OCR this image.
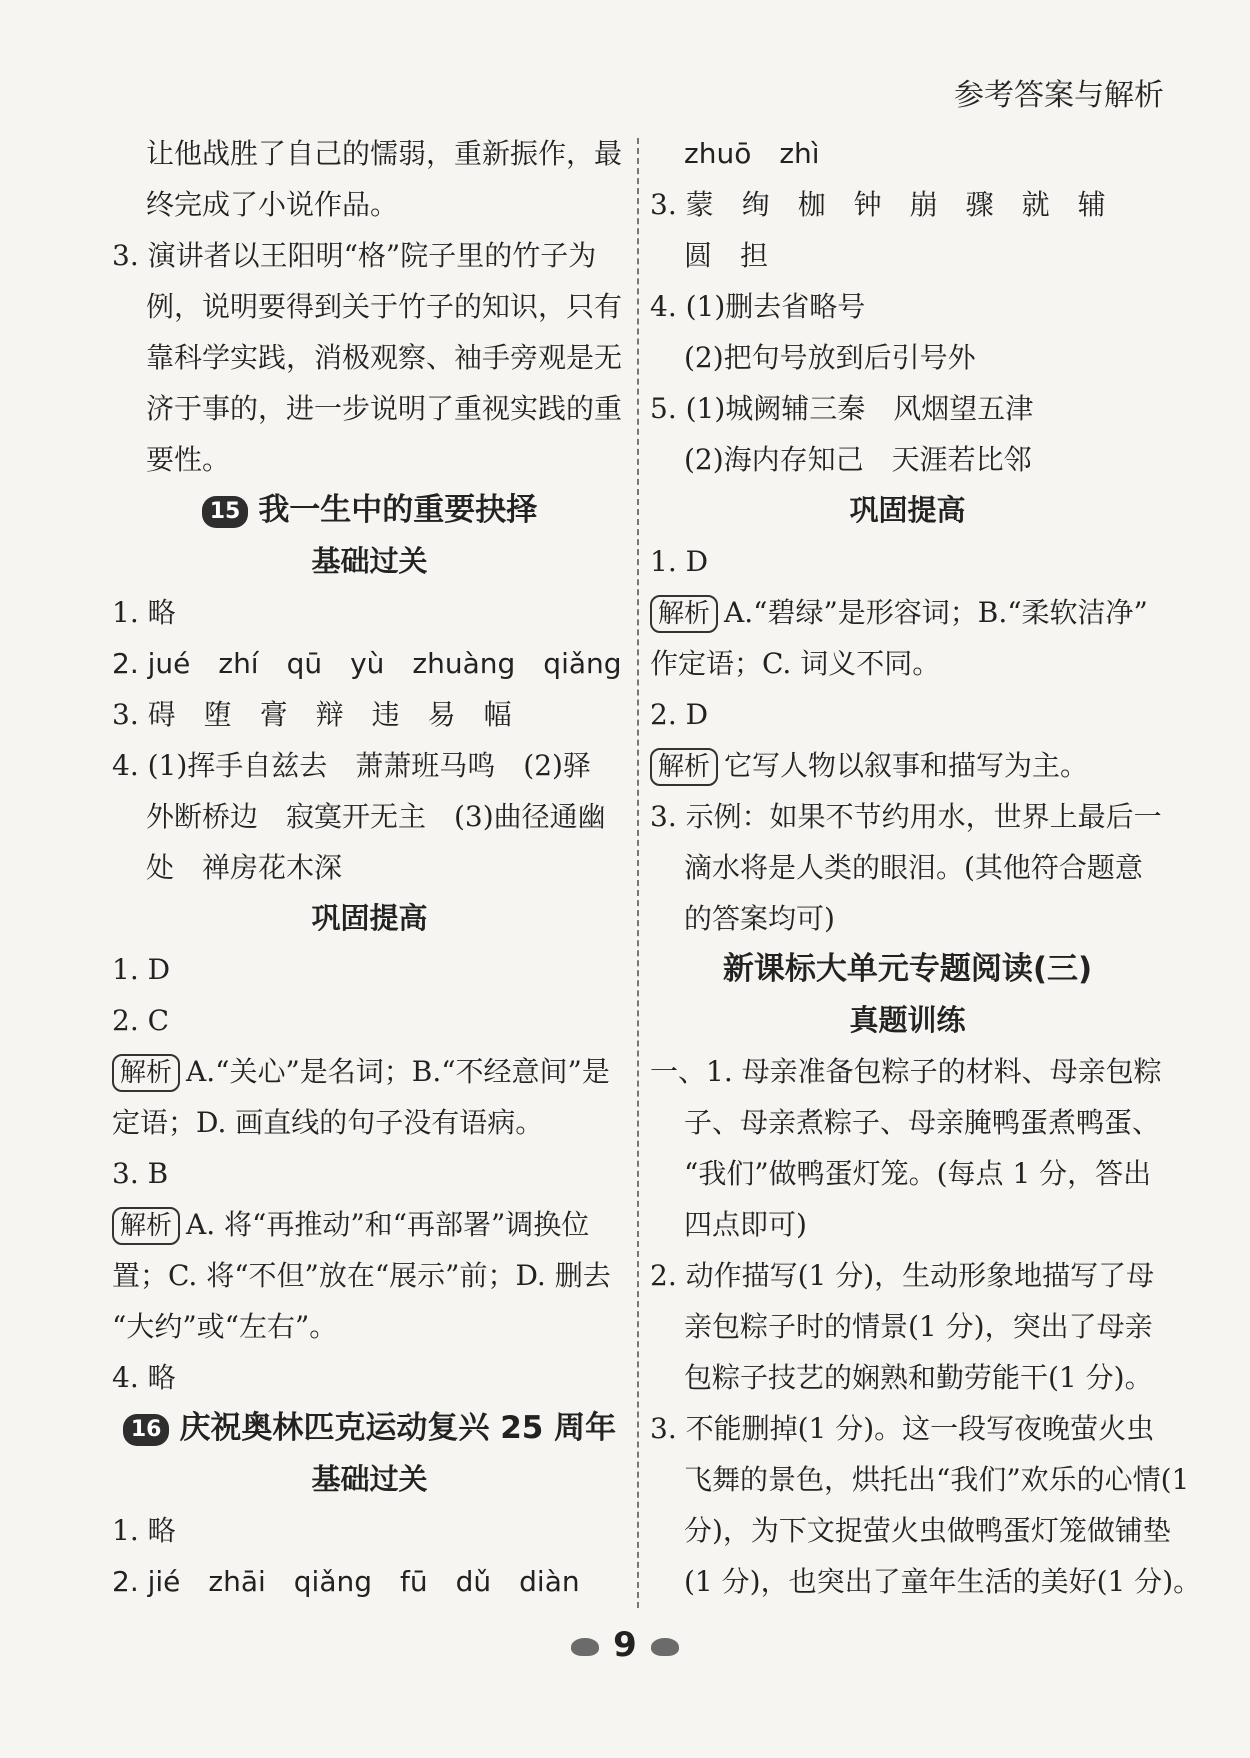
参考答案与解析
让他战胜了自己的懦弱，重新振作，最
终完成了小说作品。
3. 演讲者以王阳明“格”院子里的竹子为
例，说明要得到关于竹子的知识，只有
靠科学实践，消极观察、袖手旁观是无
济于事的，进一步说明了重视实践的重
要性。
15 我一生中的重要抉择
基础过关
1. 略
2. jué　zhí　qū　yù　zhuàng　qiǎng
3. 碍　堕　膏　辩　违　易　幅
4. (1)挥手自兹去　萧萧班马鸣　(2)驿
外断桥边　寂寞开无主　(3)曲径通幽
处　禅房花木深
巩固提高
1. D
2. C
解析 A.“关心”是名词；B.“不经意间”是
定语；D. 画直线的句子没有语病。
3. B
解析 A. 将“再推动”和“再部署”调换位
置；C. 将“不但”放在“展示”前；D. 删去
“大约”或“左右”。
4. 略
16 庆祝奥林匹克运动复兴 25 周年
基础过关
1. 略
2. jié　zhāi　qiǎng　fū　dǔ　diàn
zhuō　zhì
3. 蒙　绚　枷　钟　崩　骤　就　辅
圆　担
4. (1)删去省略号
(2)把句号放到后引号外
5. (1)城阙辅三秦　风烟望五津
(2)海内存知己　天涯若比邻
巩固提高
1. D
解析 A.“碧绿”是形容词；B.“柔软洁净”
作定语；C. 词义不同。
2. D
解析 它写人物以叙事和描写为主。
3. 示例：如果不节约用水，世界上最后一
滴水将是人类的眼泪。(其他符合题意
的答案均可)
新课标大单元专题阅读(三)
真题训练
一、1. 母亲准备包粽子的材料、母亲包粽
子、母亲煮粽子、母亲腌鸭蛋煮鸭蛋、
“我们”做鸭蛋灯笼。(每点 1 分，答出
四点即可)
2. 动作描写(1 分)，生动形象地描写了母
亲包粽子时的情景(1 分)，突出了母亲
包粽子技艺的娴熟和勤劳能干(1 分)。
3. 不能删掉(1 分)。这一段写夜晚萤火虫
飞舞的景色，烘托出“我们”欢乐的心情(1
分)，为下文捉萤火虫做鸭蛋灯笼做铺垫
(1 分)，也突出了童年生活的美好(1 分)。
9
